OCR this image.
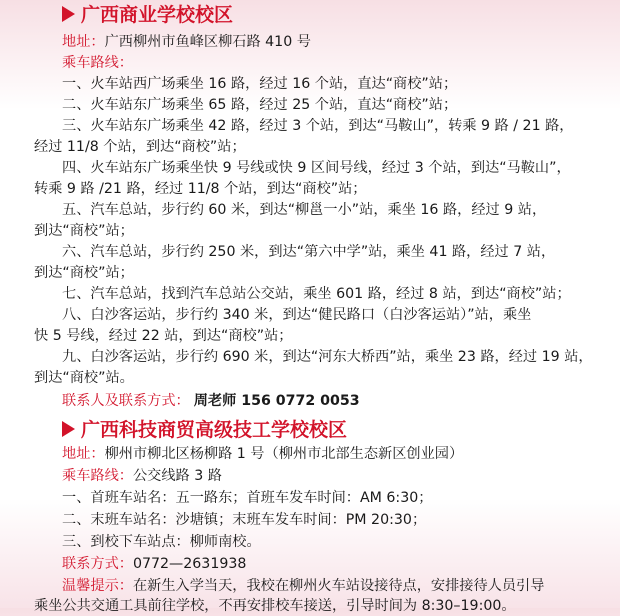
广西商业学校校区
地址：广西柳州市鱼峰区柳石路 410 号
乘车路线：
一、火车站西广场乘坐 16 路，经过 16 个站，直达“商校”站；
二、火车站东广场乘坐 65 路，经过 25 个站，直达“商校”站；
三、火车站东广场乘坐 42 路，经过 3 个站，到达“马鞍山”，转乘 9 路 / 21 路，
经过 11/8 个站，到达“商校”站；
四、火车站东广场乘坐快 9 号线或快 9 区间号线，经过 3 个站，到达“马鞍山”，
转乘 9 路 /21 路，经过 11/8 个站，到达“商校”站；
五、汽车总站，步行约 60 米，到达“柳邕一小”站，乘坐 16 路，经过 9 站，
到达“商校”站；
六、汽车总站，步行约 250 米，到达“第六中学”站，乘坐 41 路，经过 7 站，
到达“商校”站；
七、汽车总站，找到汽车总站公交站，乘坐 601 路，经过 8 站，到达“商校”站；
八、白沙客运站，步行约 340 米，到达“健民路口（白沙客运站）”站，乘坐
快 5 号线，经过 22 站，到达“商校”站；
九、白沙客运站，步行约 690 米，到达“河东大桥西”站，乘坐 23 路，经过 19 站，
到达“商校”站。
联系人及联系方式： 周老师 156 0772 0053
广西科技商贸高级技工学校校区
地址：柳州市柳北区杨柳路 1 号（柳州市北部生态新区创业园）
乘车路线：公交线路 3 路
一、首班车站名：五一路东；首班车发车时间：AM 6:30；
二、末班车站名：沙塘镇；末班车发车时间：PM 20:30；
三、到校下车站点：柳师南校。
联系方式：0772—2631938
温馨提示：在新生入学当天，我校在柳州火车站设接待点，安排接待人员引导
乘坐公共交通工具前往学校，不再安排校车接送，引导时间为 8:30–19:00。
